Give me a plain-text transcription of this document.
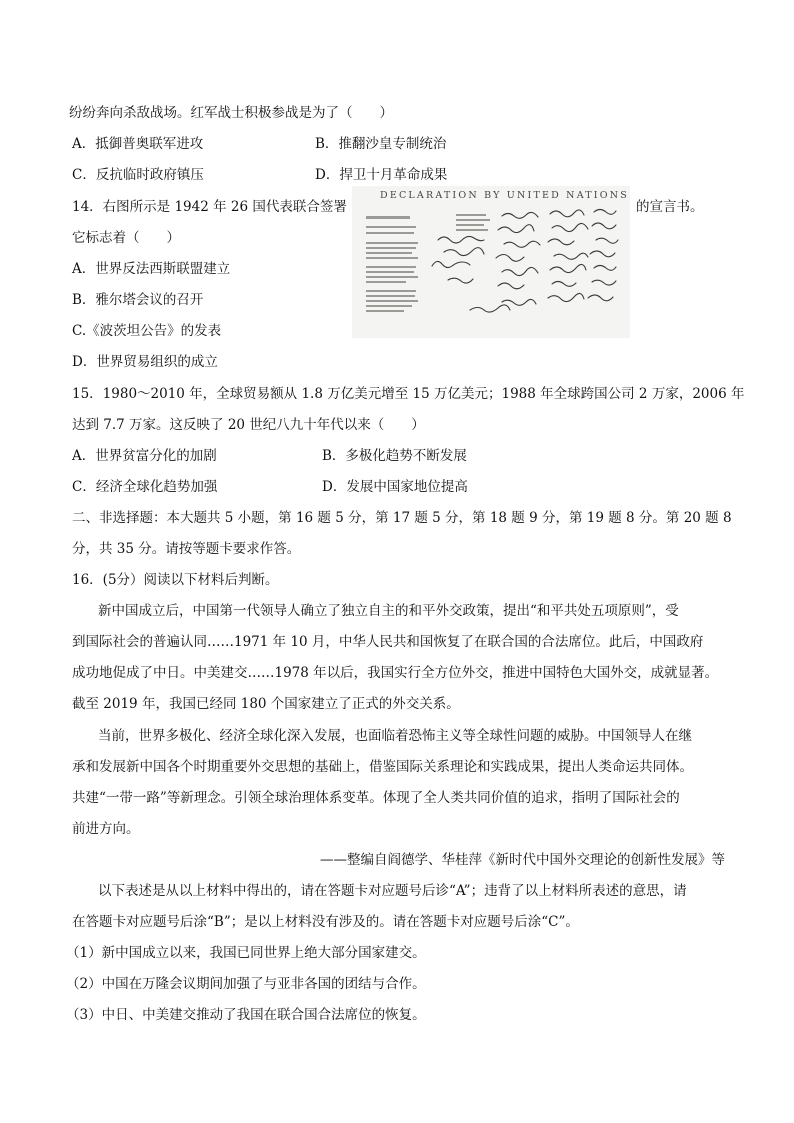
纷纷奔向杀敌战场。红军战士积极参战是为了（　　）
A．抵御普奥联军进攻	B．推翻沙皇专制统治
C．反抗临时政府镇压	D．捍卫十月革命成果
14．右图所示是 1942 年 26 国代表联合签署	的宣言书。
它标志着（　　）
A．世界反法西斯联盟建立
B．雅尔塔会议的召开
C.《波茨坦公告》的发表
D．世界贸易组织的成立
DECLARATION BY UNITED NATIONS
15．1980～2010 年，全球贸易额从 1.8 万亿美元增至 15 万亿美元；1988 年全球跨国公司 2 万家，2006 年
达到 7.7 万家。这反映了 20 世纪八九十年代以来（　　）
A．世界贫富分化的加剧	B．多极化趋势不断发展
C．经济全球化趋势加强	D．发展中国家地位提高
二、非选择题：本大题共 5 小题，第 16 题 5 分，第 17 题 5 分，第 18 题 9 分，第 19 题 8 分。第 20 题 8
分，共 35 分。请按等题卡要求作答。
16．(5分）阅读以下材料后判断。
新中国成立后，中国第一代领导人确立了独立自主的和平外交政策，提出“和平共处五项原则”，受
到国际社会的普遍认同……1971 年 10 月，中华人民共和国恢复了在联合国的合法席位。此后，中国政府
成功地促成了中日。中美建交……1978 年以后，我国实行全方位外交，推进中国特色大国外交，成就显著。
截至 2019 年，我国已经同 180 个国家建立了正式的外交关系。
当前，世界多极化、经济全球化深入发展，也面临着恐怖主义等全球性问题的威胁。中国领导人在继
承和发展新中国各个时期重要外交思想的基础上，借鉴国际关系理论和实践成果，提出人类命运共同体。
共建“一带一路”等新理念。引领全球治理体系变革。体现了全人类共同价值的追求，指明了国际社会的
前进方向。
——整编自阎德学、华桂萍《新时代中国外交理论的创新性发展》等
以下表述是从以上材料中得出的，请在答题卡对应题号后诊“A”；违背了以上材料所表述的意思，请
在答题卡对应题号后涂“B”；是以上材料没有涉及的。请在答题卡对应题号后涂“C”。
（1）新中国成立以来，我国已同世界上绝大部分国家建交。
（2）中国在万隆会议期间加强了与亚非各国的团结与合作。
（3）中日、中美建交推动了我国在联合国合法席位的恢复。
